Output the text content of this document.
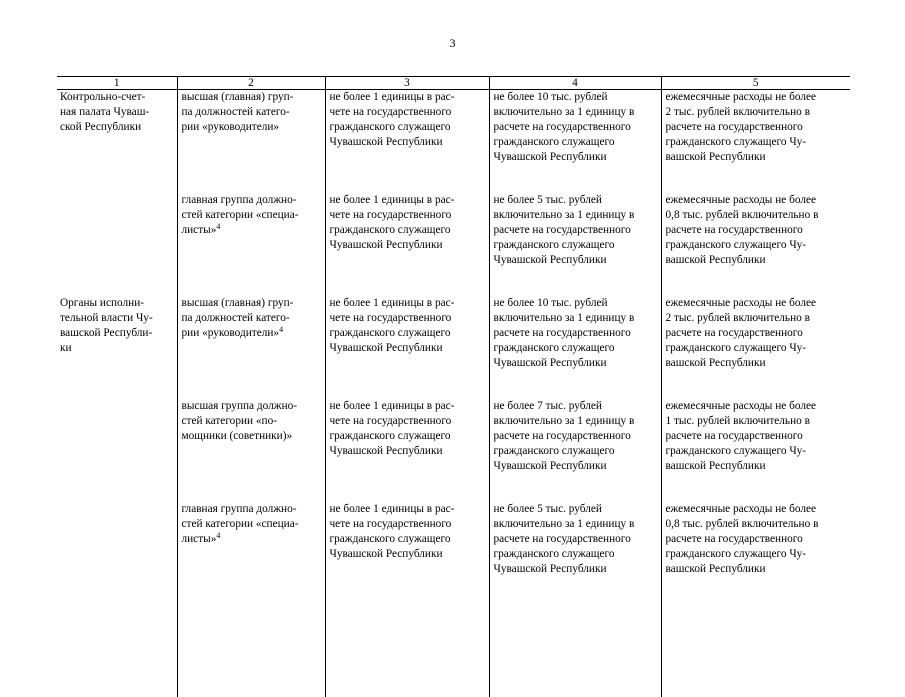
3
1	2	3	4	5

Контрольно-счет-
ная палата Чуваш-
ской Республики	высшая (главная) груп-
па должностей катего-
рии «руководители»	не более 1 единицы в рас-
чете на государственного
гражданского служащего
Чувашской Республики	не более 10 тыс. рублей
включительно за 1 единицу в
расчете на государственного
гражданского служащего
Чувашской Республики	ежемесячные расходы не более
2 тыс. рублей включительно в
расчете на государственного
гражданского служащего Чу-
вашской Республики

	главная группа должно-
стей категории «специа-
листы»$^4$	не более 1 единицы в рас-
чете на государственного
гражданского служащего
Чувашской Республики	не более 5 тыс. рублей
включительно за 1 единицу в
расчете на государственного
гражданского служащего
Чувашской Республики	ежемесячные расходы не более
0,8 тыс. рублей включительно в
расчете на государственного
гражданского служащего Чу-
вашской Республики

Органы исполни-
тельной власти Чу-
вашской Республи-
ки	высшая (главная) груп-
па должностей катего-
рии «руководители»$^4$	не более 1 единицы в рас-
чете на государственного
гражданского служащего
Чувашской Республики	не более 10 тыс. рублей
включительно за 1 единицу в
расчете на государственного
гражданского служащего
Чувашской Республики	ежемесячные расходы не более
2 тыс. рублей включительно в
расчете на государственного
гражданского служащего Чу-
вашской Республики

	высшая группа должно-
стей категории «по-
мощники (советники)»	не более 1 единицы в рас-
чете на государственного
гражданского служащего
Чувашской Республики	не более 7 тыс. рублей
включительно за 1 единицу в
расчете на государственного
гражданского служащего
Чувашской Республики	ежемесячные расходы не более
1 тыс. рублей включительно в
расчете на государственного
гражданского служащего Чу-
вашской Республики

	главная группа должно-
стей категории «специа-
листы»$^4$	не более 1 единицы в рас-
чете на государственного
гражданского служащего
Чувашской Республики	не более 5 тыс. рублей
включительно за 1 единицу в
расчете на государственного
гражданского служащего
Чувашской Республики	ежемесячные расходы не более
0,8 тыс. рублей включительно в
расчете на государственного
гражданского служащего Чу-
вашской Республики
